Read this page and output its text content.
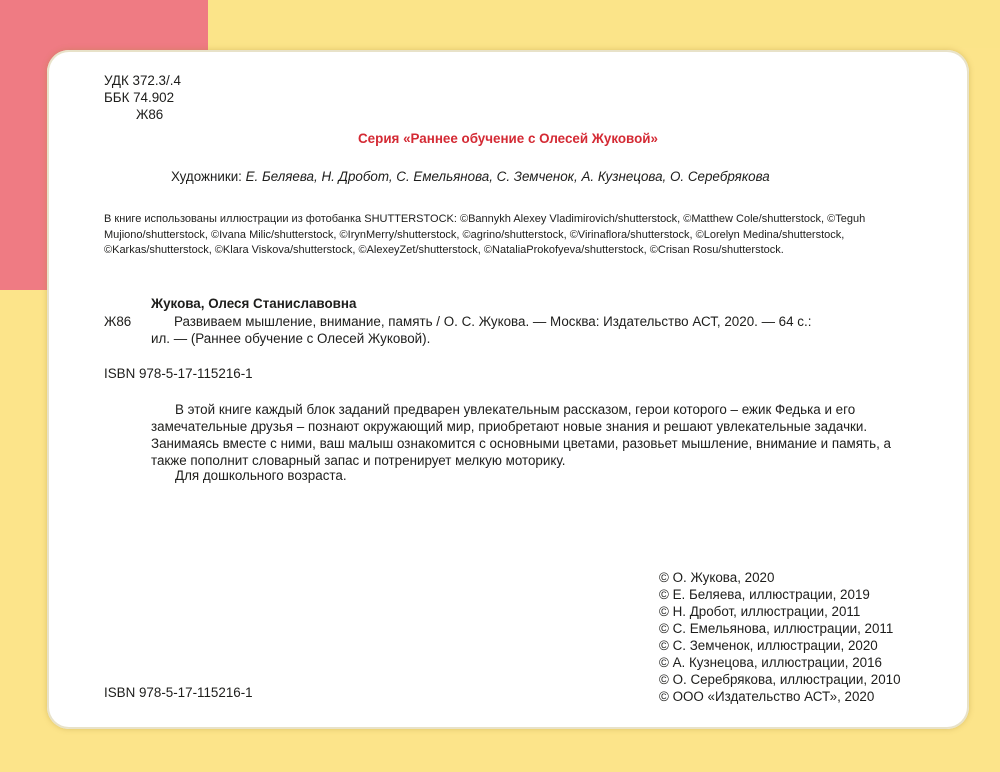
УДК 372.3/.4

ББК 74.902

Ж86

Серия «Раннее обучение с Олесей Жуковой»

Художники: Е. Беляева, Н. Дробот, С. Емельянова, С. Земченок, А. Кузнецова, О. Серебрякова

В книге использованы иллюстрации из фотобанка SHUTTERSTOCK: ©Bannykh Alexey Vladimirovich/shutterstock, ©Matthew Cole/shutterstock, ©Teguh Mujiono/shutterstock, ©Ivana Milic/shutterstock, ©IrynMerry/shutterstock, ©agrino/shutterstock, ©Virinaflora/shutterstock, ©Lorelyn Medina/shutterstock, ©Karkas/shutterstock, ©Klara Viskova/shutterstock, ©AlexeyZet/shutterstock, ©NataliaProkofyeva/shutterstock, ©Crisan Rosu/shutterstock.

Жукова, Олеся Станиславовна

Ж86	Развиваем мышление, внимание, память / О. С. Жукова. — Москва: Издательство АСТ, 2020. — 64 с.:

ил. — (Раннее обучение с Олесей Жуковой).

ISBN 978-5-17-115216-1

В этой книге каждый блок заданий предварен увлекательным рассказом, герои которого – ежик Федька и его замечательные друзья – познают окружающий мир, приобретают новые знания и решают увлекательные задачки. Занимаясь вместе с ними, ваш малыш ознакомится с основными цветами, разовьет мышление, внимание и память, а также пополнит словарный запас и потренирует мелкую моторику.

Для дошкольного возраста.

© О. Жукова, 2020
© Е. Беляева, иллюстрации, 2019
© Н. Дробот, иллюстрации, 2011
© С. Емельянова, иллюстрации, 2011
© С. Земченок, иллюстрации, 2020
© А. Кузнецова, иллюстрации, 2016
© О. Серебрякова, иллюстрации, 2010
© ООО «Издательство АСТ», 2020

ISBN 978-5-17-115216-1
